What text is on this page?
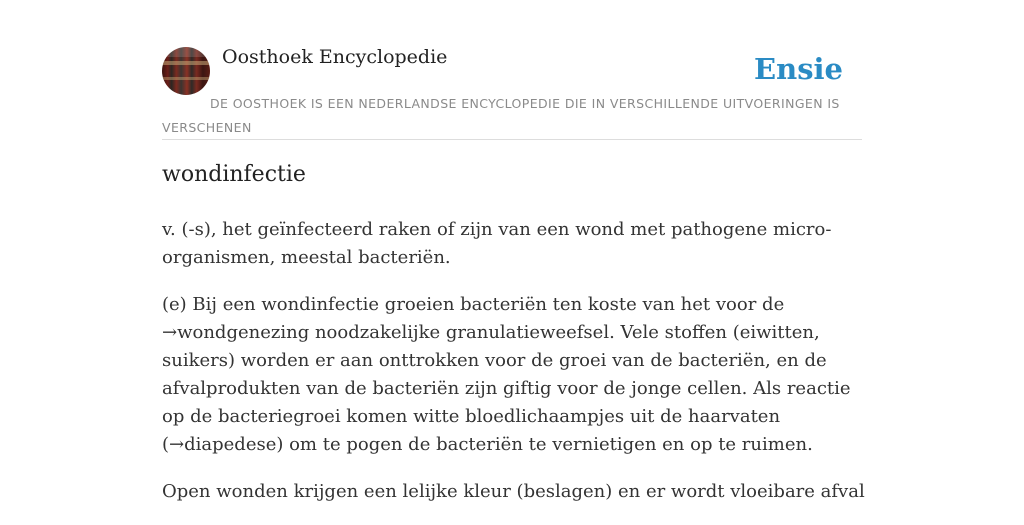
Oosthoek Encyclopedie	Ensie
DE OOSTHOEK IS EEN NEDERLANDSE ENCYCLOPEDIE DIE IN VERSCHILLENDE UITVOERINGEN IS VERSCHENEN
wondinfectie

v. (-s), het geïnfecteerd raken of zijn van een wond met pathogene micro-organismen, meestal bacteriën.

(e) Bij een wondinfectie groeien bacteriën ten koste van het voor de →wondgenezing noodzakelijke granulatieweefsel. Vele stoffen (eiwitten, suikers) worden er aan onttrokken voor de groei van de bacteriën, en de afvalprodukten van de bacteriën zijn giftig voor de jonge cellen. Als reactie op de bacteriegroei komen witte bloedlichaampjes uit de haarvaten (→diapedese) om te pogen de bacteriën te vernietigen en op te ruimen.

Open wonden krijgen een lelijke kleur (beslagen) en er wordt vloeibare afval
